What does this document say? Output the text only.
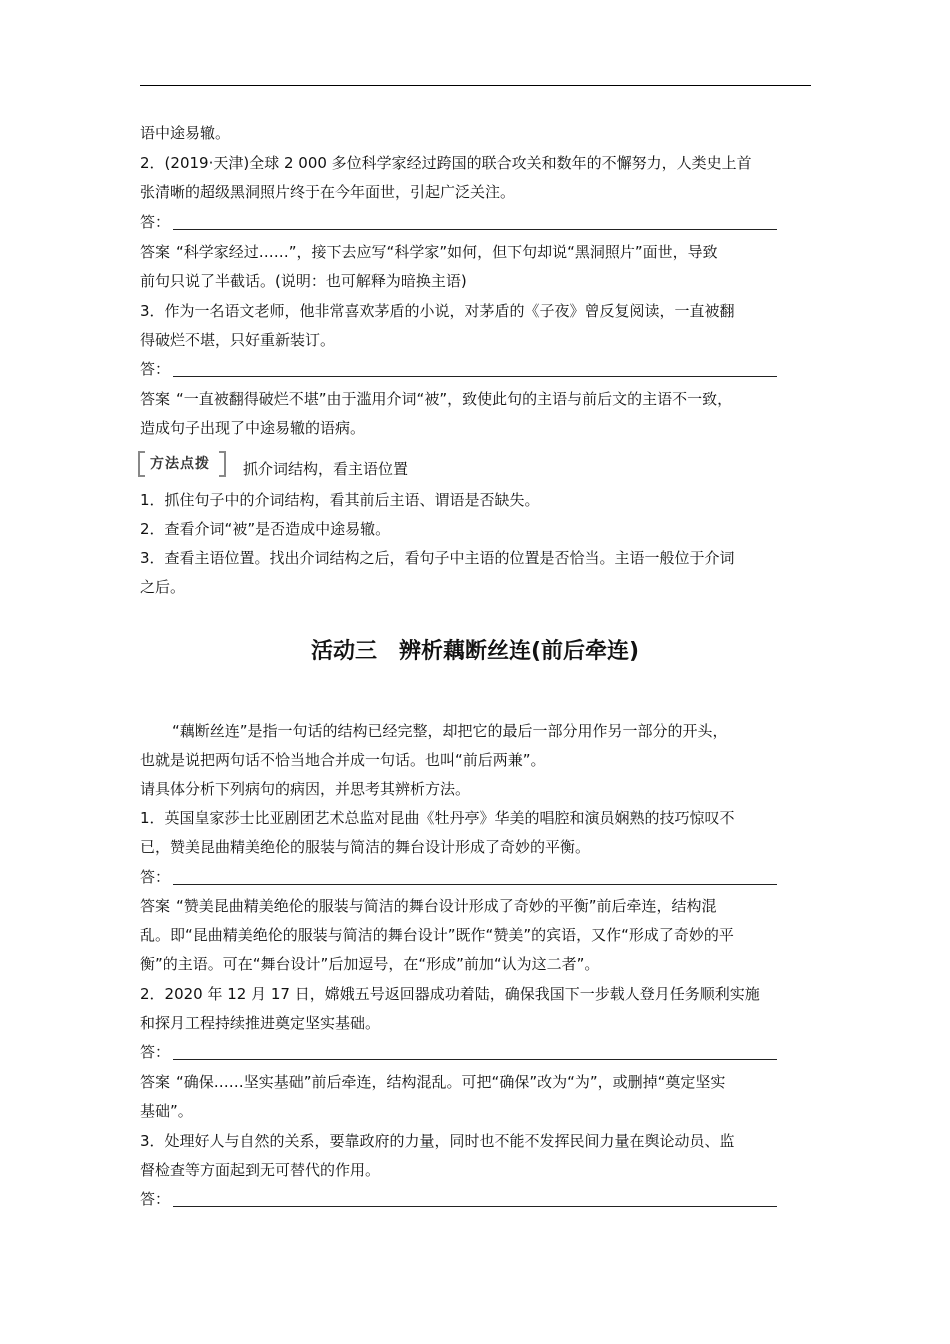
语中途易辙。
2．(2019·天津)全球 2 000 多位科学家经过跨国的联合攻关和数年的不懈努力，人类史上首
张清晰的超级黑洞照片终于在今年面世，引起广泛关注。
答：
答案 “科学家经过……”，接下去应写“科学家”如何，但下句却说“黑洞照片”面世，导致
前句只说了半截话。(说明：也可解释为暗换主语)
3．作为一名语文老师，他非常喜欢茅盾的小说，对茅盾的《子夜》曾反复阅读，一直被翻
得破烂不堪，只好重新装订。
答：
答案 “一直被翻得破烂不堪”由于滥用介词“被”，致使此句的主语与前后文的主语不一致，
造成句子出现了中途易辙的语病。
方法点拨 抓介词结构，看主语位置
1．抓住句子中的介词结构，看其前后主语、谓语是否缺失。
2．查看介词“被”是否造成中途易辙。
3．查看主语位置。找出介词结构之后，看句子中主语的位置是否恰当。主语一般位于介词
之后。
活动三　辨析藕断丝连(前后牵连)
“藕断丝连”是指一句话的结构已经完整，却把它的最后一部分用作另一部分的开头，
也就是说把两句话不恰当地合并成一句话。也叫“前后两兼”。
请具体分析下列病句的病因，并思考其辨析方法。
1．英国皇家莎士比亚剧团艺术总监对昆曲《牡丹亭》华美的唱腔和演员娴熟的技巧惊叹不
已，赞美昆曲精美绝伦的服装与简洁的舞台设计形成了奇妙的平衡。
答：
答案 “赞美昆曲精美绝伦的服装与简洁的舞台设计形成了奇妙的平衡”前后牵连，结构混
乱。即“昆曲精美绝伦的服装与简洁的舞台设计”既作“赞美”的宾语，又作“形成了奇妙的平
衡”的主语。可在“舞台设计”后加逗号，在“形成”前加“认为这二者”。
2．2020 年 12 月 17 日，嫦娥五号返回器成功着陆，确保我国下一步载人登月任务顺利实施
和探月工程持续推进奠定坚实基础。
答：
答案 “确保……坚实基础”前后牵连，结构混乱。可把“确保”改为“为”，或删掉“奠定坚实
基础”。
3．处理好人与自然的关系，要靠政府的力量，同时也不能不发挥民间力量在舆论动员、监
督检查等方面起到无可替代的作用。
答：
